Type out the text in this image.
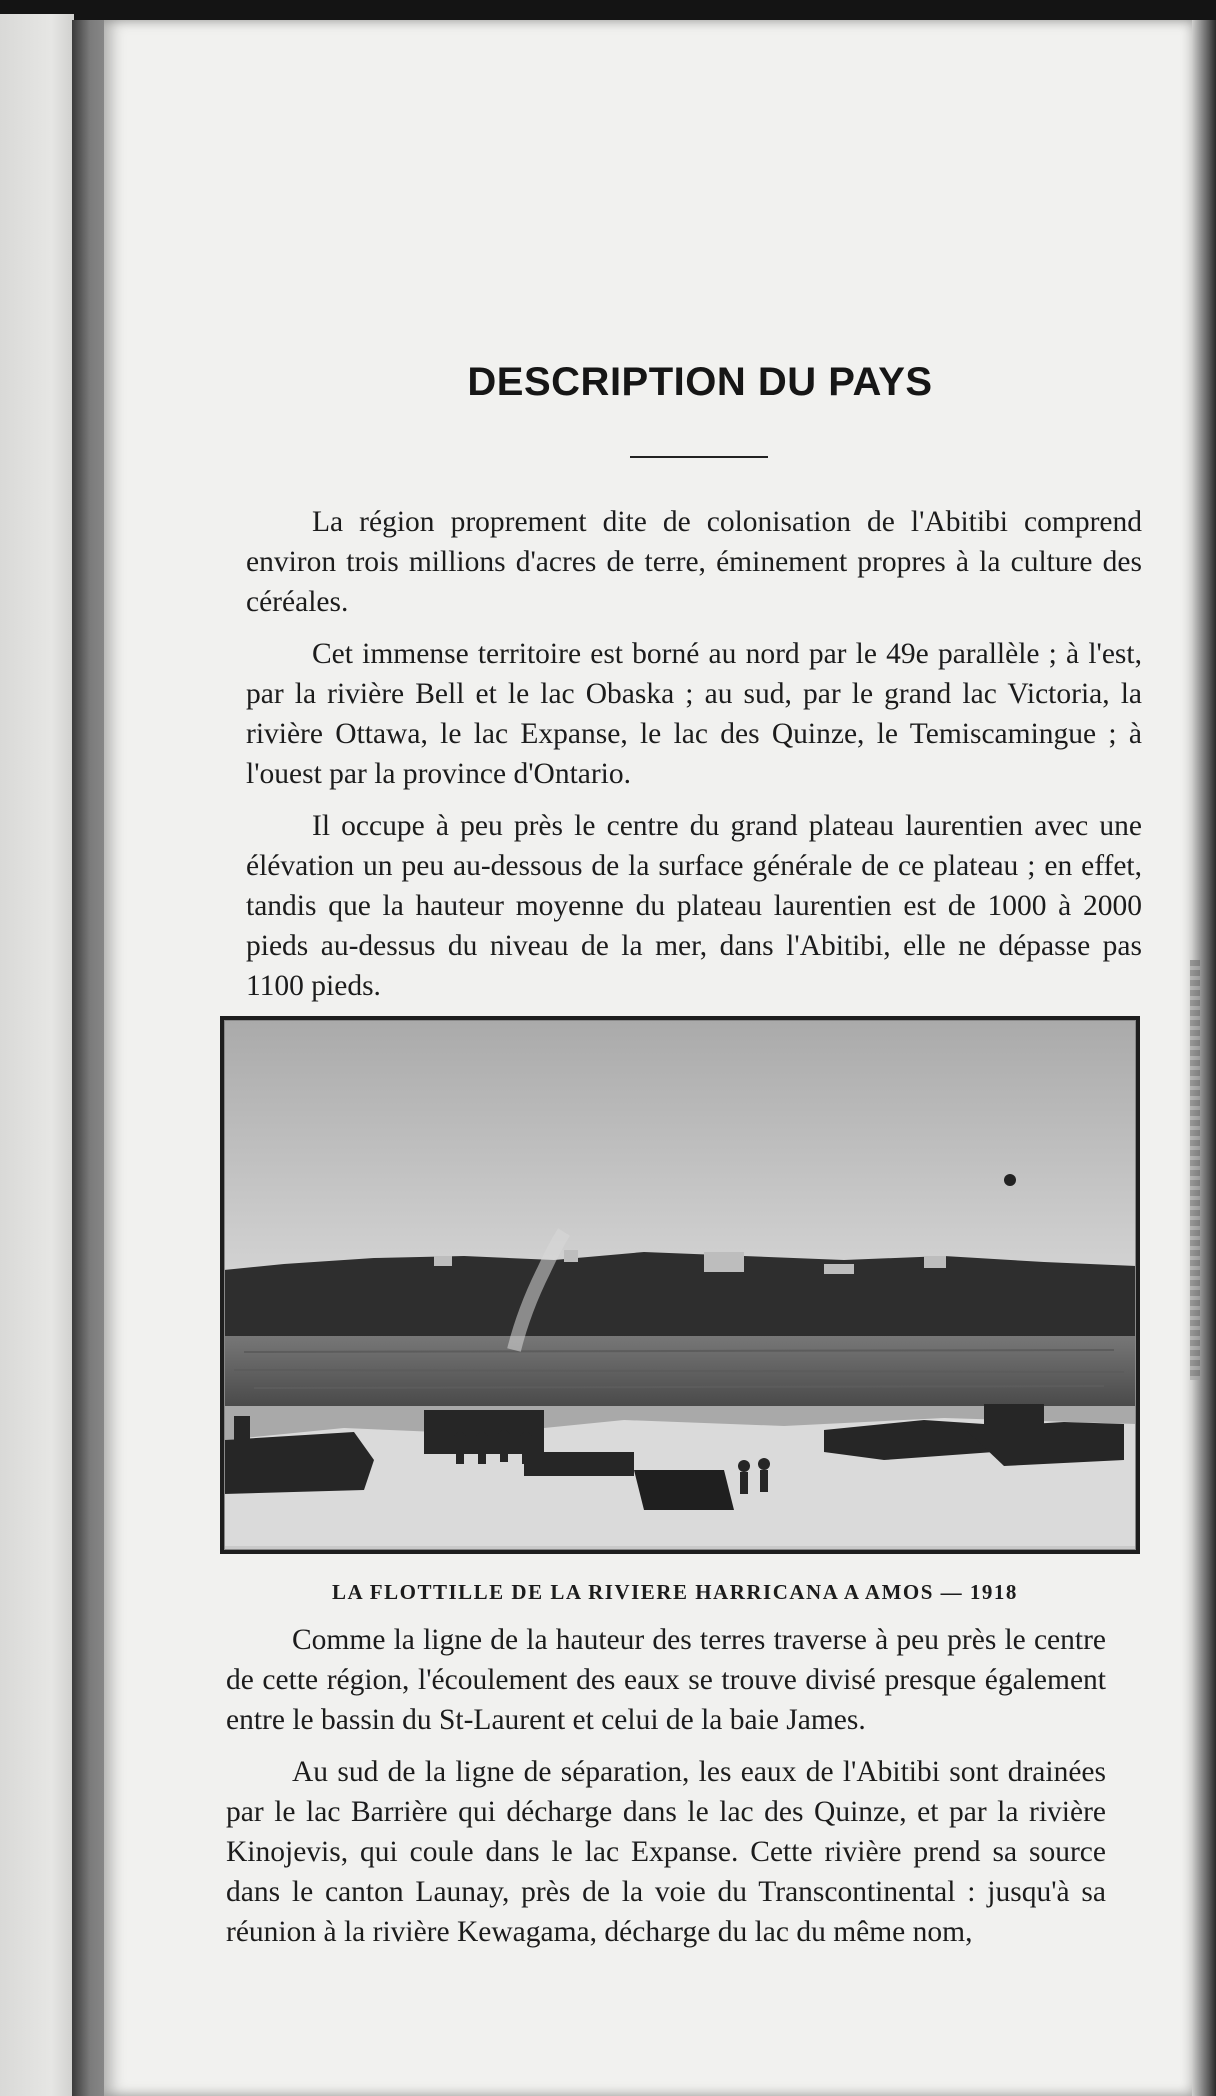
DESCRIPTION DU PAYS

La région proprement dite de colonisation de l'Abitibi comprend environ trois millions d'acres de terre, éminement propres à la culture des céréales.

Cet immense territoire est borné au nord par le 49e parallèle ; à l'est, par la rivière Bell et le lac Obaska ; au sud, par le grand lac Victoria, la rivière Ottawa, le lac Expanse, le lac des Quinze, le Temiscamingue ; à l'ouest par la province d'Ontario.

Il occupe à peu près le centre du grand plateau laurentien avec une élévation un peu au-dessous de la surface générale de ce plateau ; en effet, tandis que la hauteur moyenne du plateau laurentien est de 1000 à 2000 pieds au-dessus du niveau de la mer, dans l'Abitibi, elle ne dépasse pas 1100 pieds.

LA FLOTTILLE DE LA RIVIERE HARRICANA A AMOS — 1918

Comme la ligne de la hauteur des terres traverse à peu près le centre de cette région, l'écoulement des eaux se trouve divisé presque également entre le bassin du St-Laurent et celui de la baie James.

Au sud de la ligne de séparation, les eaux de l'Abitibi sont drainées par le lac Barrière qui décharge dans le lac des Quinze, et par la rivière Kinojevis, qui coule dans le lac Expanse. Cette rivière prend sa source dans le canton Launay, près de la voie du Transcontinental : jusqu'à sa réunion à la rivière Kewagama, décharge du lac du même nom,
